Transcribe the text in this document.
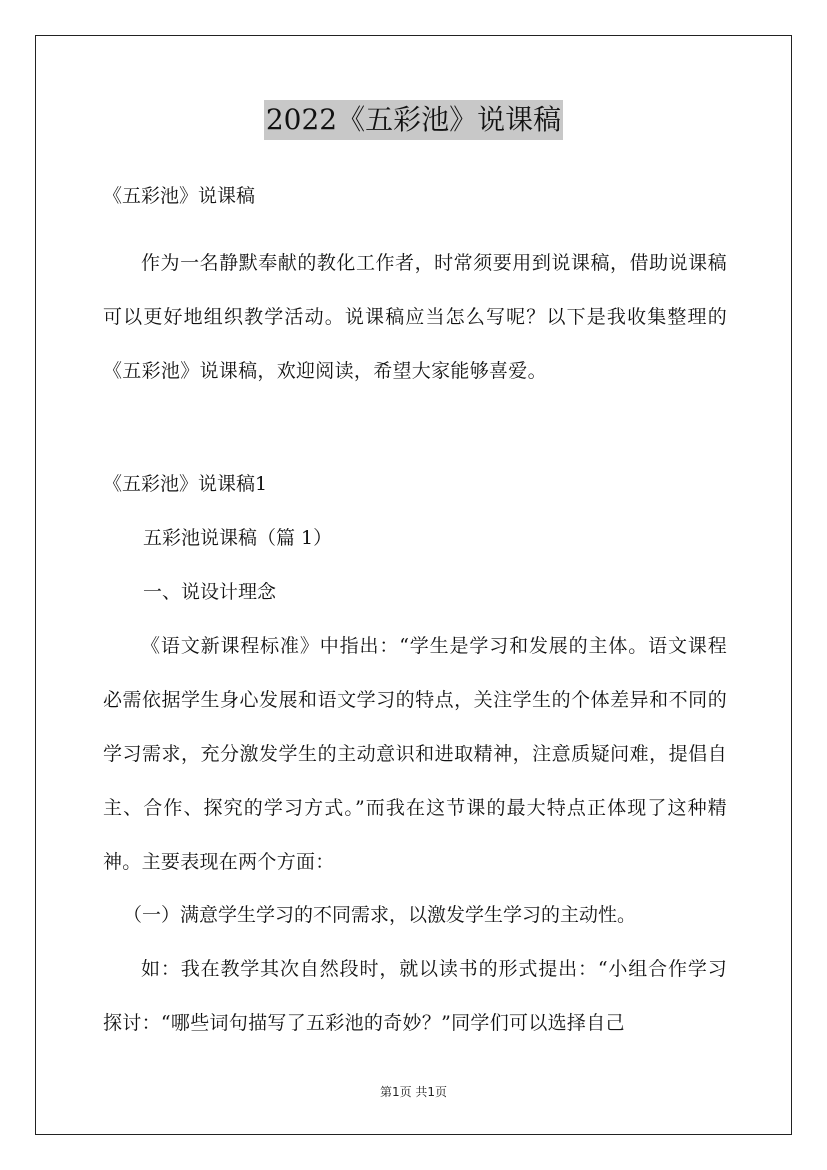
2022《五彩池》说课稿

《五彩池》说课稿

作为一名静默奉献的教化工作者，时常须要用到说课稿，借助说课稿可以更好地组织教学活动。说课稿应当怎么写呢？以下是我收集整理的《五彩池》说课稿，欢迎阅读，希望大家能够喜爱。

《五彩池》说课稿1

五彩池说课稿（篇 1）

一、说设计理念

《语文新课程标准》中指出：“学生是学习和发展的主体。语文课程必需依据学生身心发展和语文学习的特点，关注学生的个体差异和不同的学习需求，充分激发学生的主动意识和进取精神，注意质疑问难，提倡自主、合作、探究的学习方式。”而我在这节课的最大特点正体现了这种精神。主要表现在两个方面：

（一）满意学生学习的不同需求，以激发学生学习的主动性。

如：我在教学其次自然段时，就以读书的形式提出：“小组合作学习探讨：“哪些词句描写了五彩池的奇妙？”同学们可以选择自己

第1页 共1页
